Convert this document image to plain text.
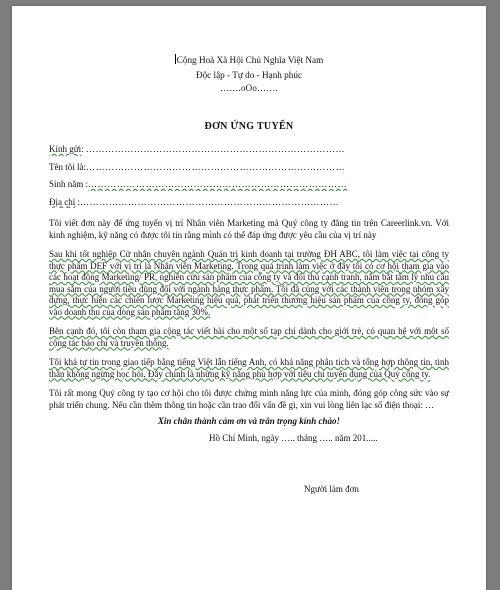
Cộng Hoà Xã Hội Chủ Nghĩa Việt Nam
Độc lập - Tự do - Hạnh phúc
…….oOo…….
ĐƠN ỨNG TUYỂN
Kính gửi: ………………………………………………………………………
Tên tôi là:………………………………………………………………………
Sinh năm :………………………………………………………………………
Địa chỉ :………………………………………………………………………

Tôi viết đơn này để ứng tuyển vị trí Nhân viên Marketing mà Quý công ty đăng tin trên Careerlink.vn. Với kinh nghiệm, kỹ năng có được tôi tin rằng mình có thể đáp ứng được yêu cầu của vị trí này

Sau khi tốt nghiệp Cử nhân chuyên ngành Quản trị kinh doanh tại trường ĐH ABC, tôi làm việc tại công ty thực phẩm DEF với vị trí là Nhân viên Marketing. Trong quá trình làm việc ở đây tôi có cơ hội tham gia vào các hoạt động Marketing/ PR, nghiên cứu sản phẩm của công ty và đối thủ cạnh tranh, nắm bắt tâm lý nhu cầu mua sắm của người tiêu dùng đối với ngành hàng thực phẩm. Tôi đã cùng với các thành viên trong nhóm xây dựng, thực hiện các chiến lược Marketing hiệu quả, phát triển thương hiệu sản phẩm của công ty, đóng góp vào doanh thu của dòng sản phẩm tăng 30%.

Bên cạnh đó, tôi còn tham gia cộng tác viết bài cho một số tạp chí dành cho giới trẻ, có quan hệ với một số cộng tác báo chí và truyền thông.

Tôi khá tự tin trong giao tiếp bằng tiếng Việt lẫn tiếng Anh, có khả năng phân tích và tổng hợp thông tin, tinh thần không ngừng học hỏi. Đây chính là những kỹ năng phù hợp với tiêu chí tuyển dụng của Quý công ty.

Tôi rất mong Quý công ty tạo cơ hội cho tôi được chứng minh năng lực của mình, đóng góp công sức vào sự phát triển chung. Nếu cần thêm thông tin hoặc cần trao đổi vấn đề gì, xin vui lòng liên lạc số điện thoại: …

Xin chân thành cảm ơn và trân trọng kính chào!
Hồ Chí Minh, ngày ….. tháng ….. năm 201.....
Người làm đơn
